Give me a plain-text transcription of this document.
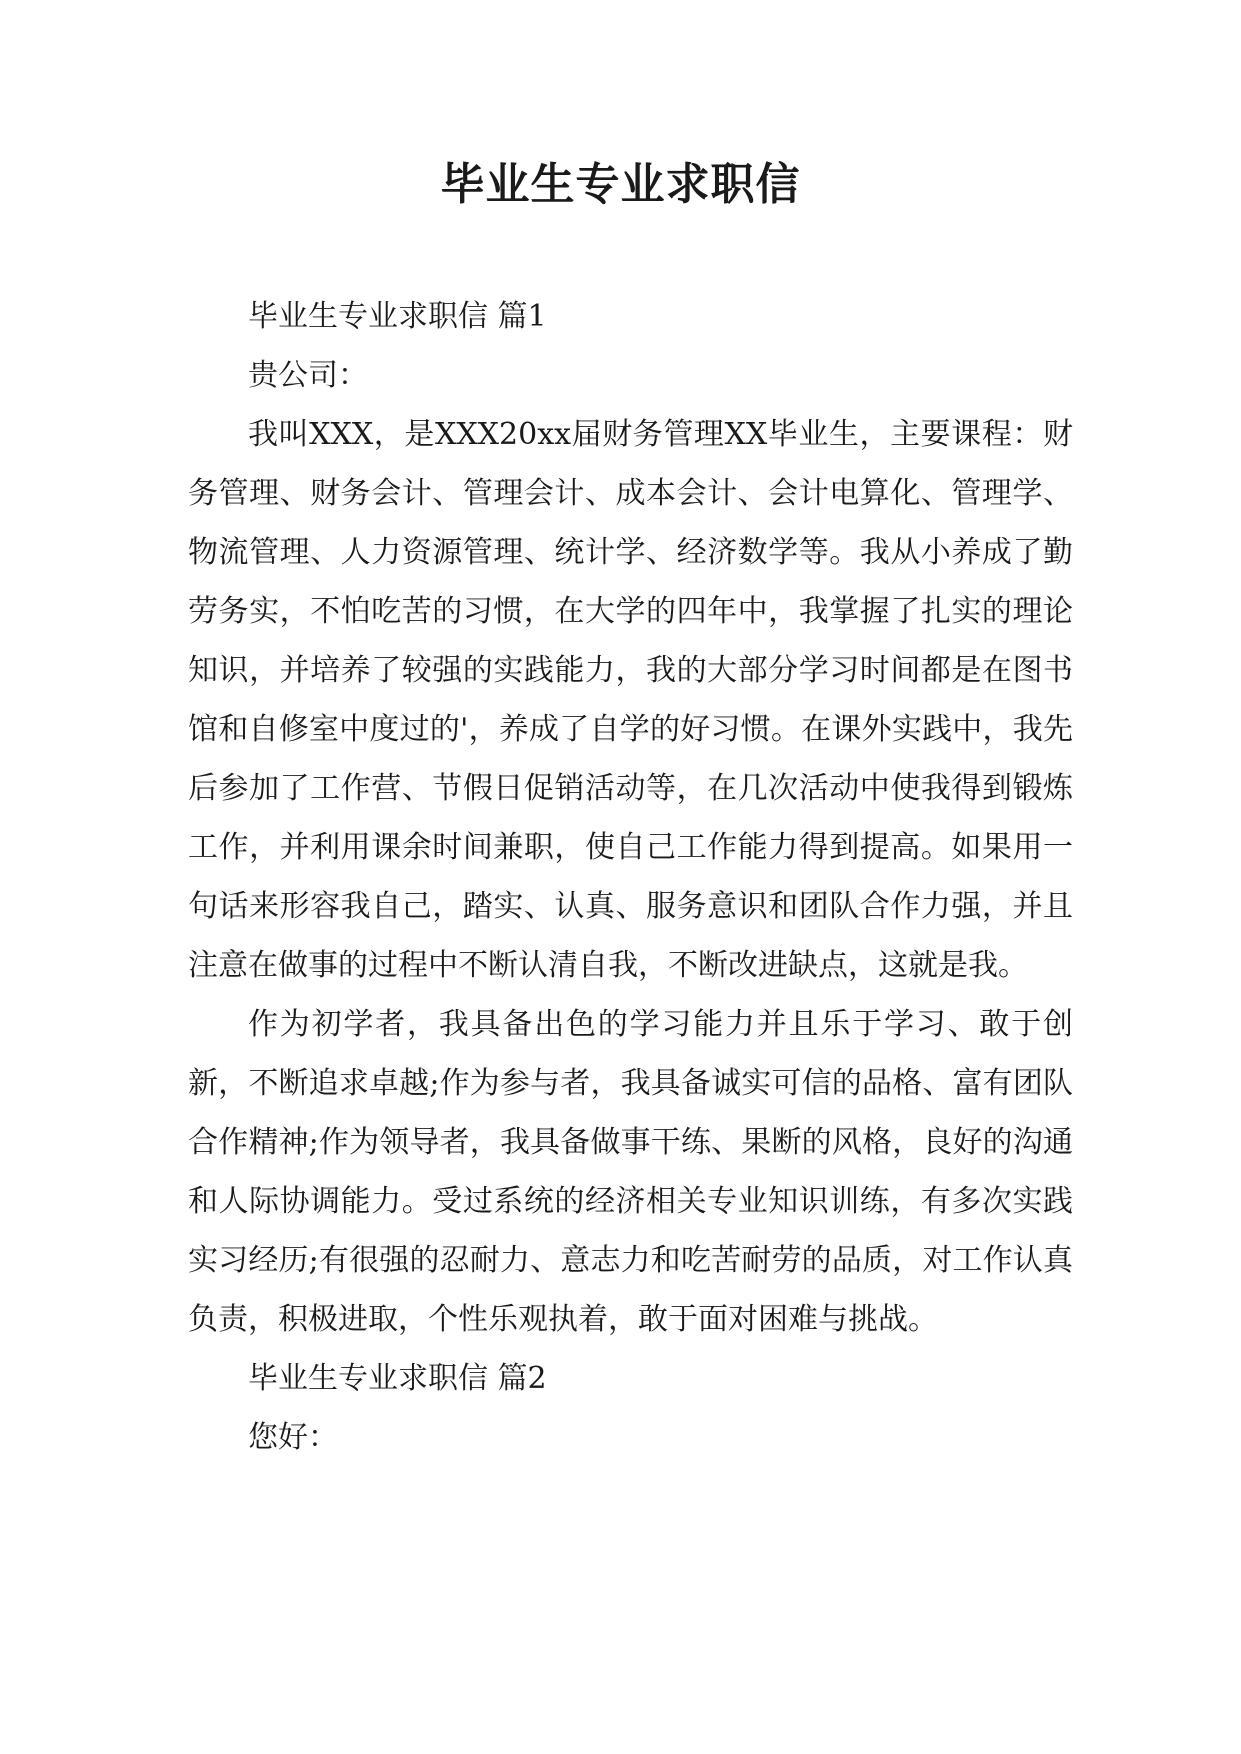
毕业生专业求职信

毕业生专业求职信 篇1

贵公司：

我叫XXX，是XXX20xx届财务管理XX毕业生，主要课程：财务管理、财务会计、管理会计、成本会计、会计电算化、管理学、物流管理、人力资源管理、统计学、经济数学等。我从小养成了勤劳务实，不怕吃苦的习惯，在大学的四年中，我掌握了扎实的理论知识，并培养了较强的实践能力，我的大部分学习时间都是在图书馆和自修室中度过的'，养成了自学的好习惯。在课外实践中，我先后参加了工作营、节假日促销活动等，在几次活动中使我得到锻炼工作，并利用课余时间兼职，使自己工作能力得到提高。如果用一句话来形容我自己，踏实、认真、服务意识和团队合作力强，并且注意在做事的过程中不断认清自我，不断改进缺点，这就是我。

作为初学者，我具备出色的学习能力并且乐于学习、敢于创新，不断追求卓越;作为参与者，我具备诚实可信的品格、富有团队合作精神;作为领导者，我具备做事干练、果断的风格，良好的沟通和人际协调能力。受过系统的经济相关专业知识训练，有多次实践实习经历;有很强的忍耐力、意志力和吃苦耐劳的品质，对工作认真负责，积极进取，个性乐观执着，敢于面对困难与挑战。

毕业生专业求职信 篇2

您好：
